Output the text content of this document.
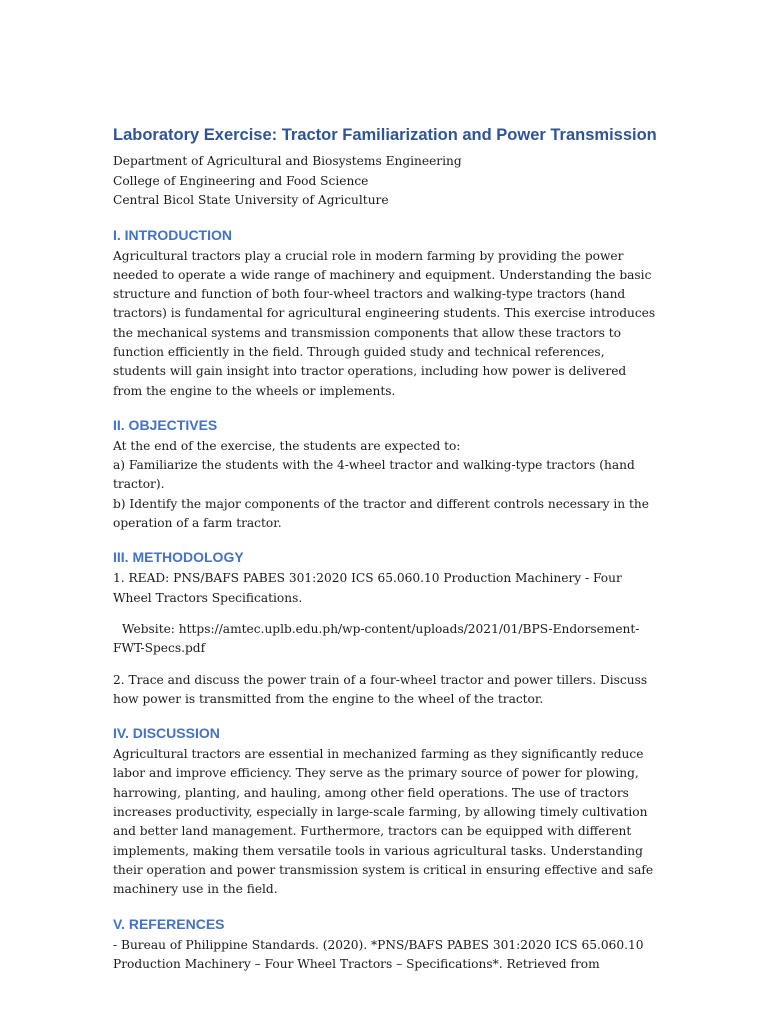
Laboratory Exercise: Tractor Familiarization and Power Transmission
Department of Agricultural and Biosystems Engineering
College of Engineering and Food Science
Central Bicol State University of Agriculture
I. INTRODUCTION

Agricultural tractors play a crucial role in modern farming by providing the power needed to operate a wide range of machinery and equipment. Understanding the basic structure and function of both four-wheel tractors and walking-type tractors (hand tractors) is fundamental for agricultural engineering students. This exercise introduces the mechanical systems and transmission components that allow these tractors to function efficiently in the field. Through guided study and technical references, students will gain insight into tractor operations, including how power is delivered from the engine to the wheels or implements.

II. OBJECTIVES

At the end of the exercise, the students are expected to:

a) Familiarize the students with the 4-wheel tractor and walking-type tractors (hand tractor).

b) Identify the major components of the tractor and different controls necessary in the operation of a farm tractor.

III. METHODOLOGY

1. READ: PNS/BAFS PABES 301:2020 ICS 65.060.10 Production Machinery - Four Wheel Tractors Specifications.

Website: https://amtec.uplb.edu.ph/wp-content/uploads/2021/01/BPS-Endorsement-FWT-Specs.pdf

2. Trace and discuss the power train of a four-wheel tractor and power tillers. Discuss how power is transmitted from the engine to the wheel of the tractor.

IV. DISCUSSION

Agricultural tractors are essential in mechanized farming as they significantly reduce labor and improve efficiency. They serve as the primary source of power for plowing, harrowing, planting, and hauling, among other field operations. The use of tractors increases productivity, especially in large-scale farming, by allowing timely cultivation and better land management. Furthermore, tractors can be equipped with different implements, making them versatile tools in various agricultural tasks. Understanding their operation and power transmission system is critical in ensuring effective and safe machinery use in the field.

V. REFERENCES

- Bureau of Philippine Standards. (2020). *PNS/BAFS PABES 301:2020 ICS 65.060.10 Production Machinery – Four Wheel Tractors – Specifications*. Retrieved from
